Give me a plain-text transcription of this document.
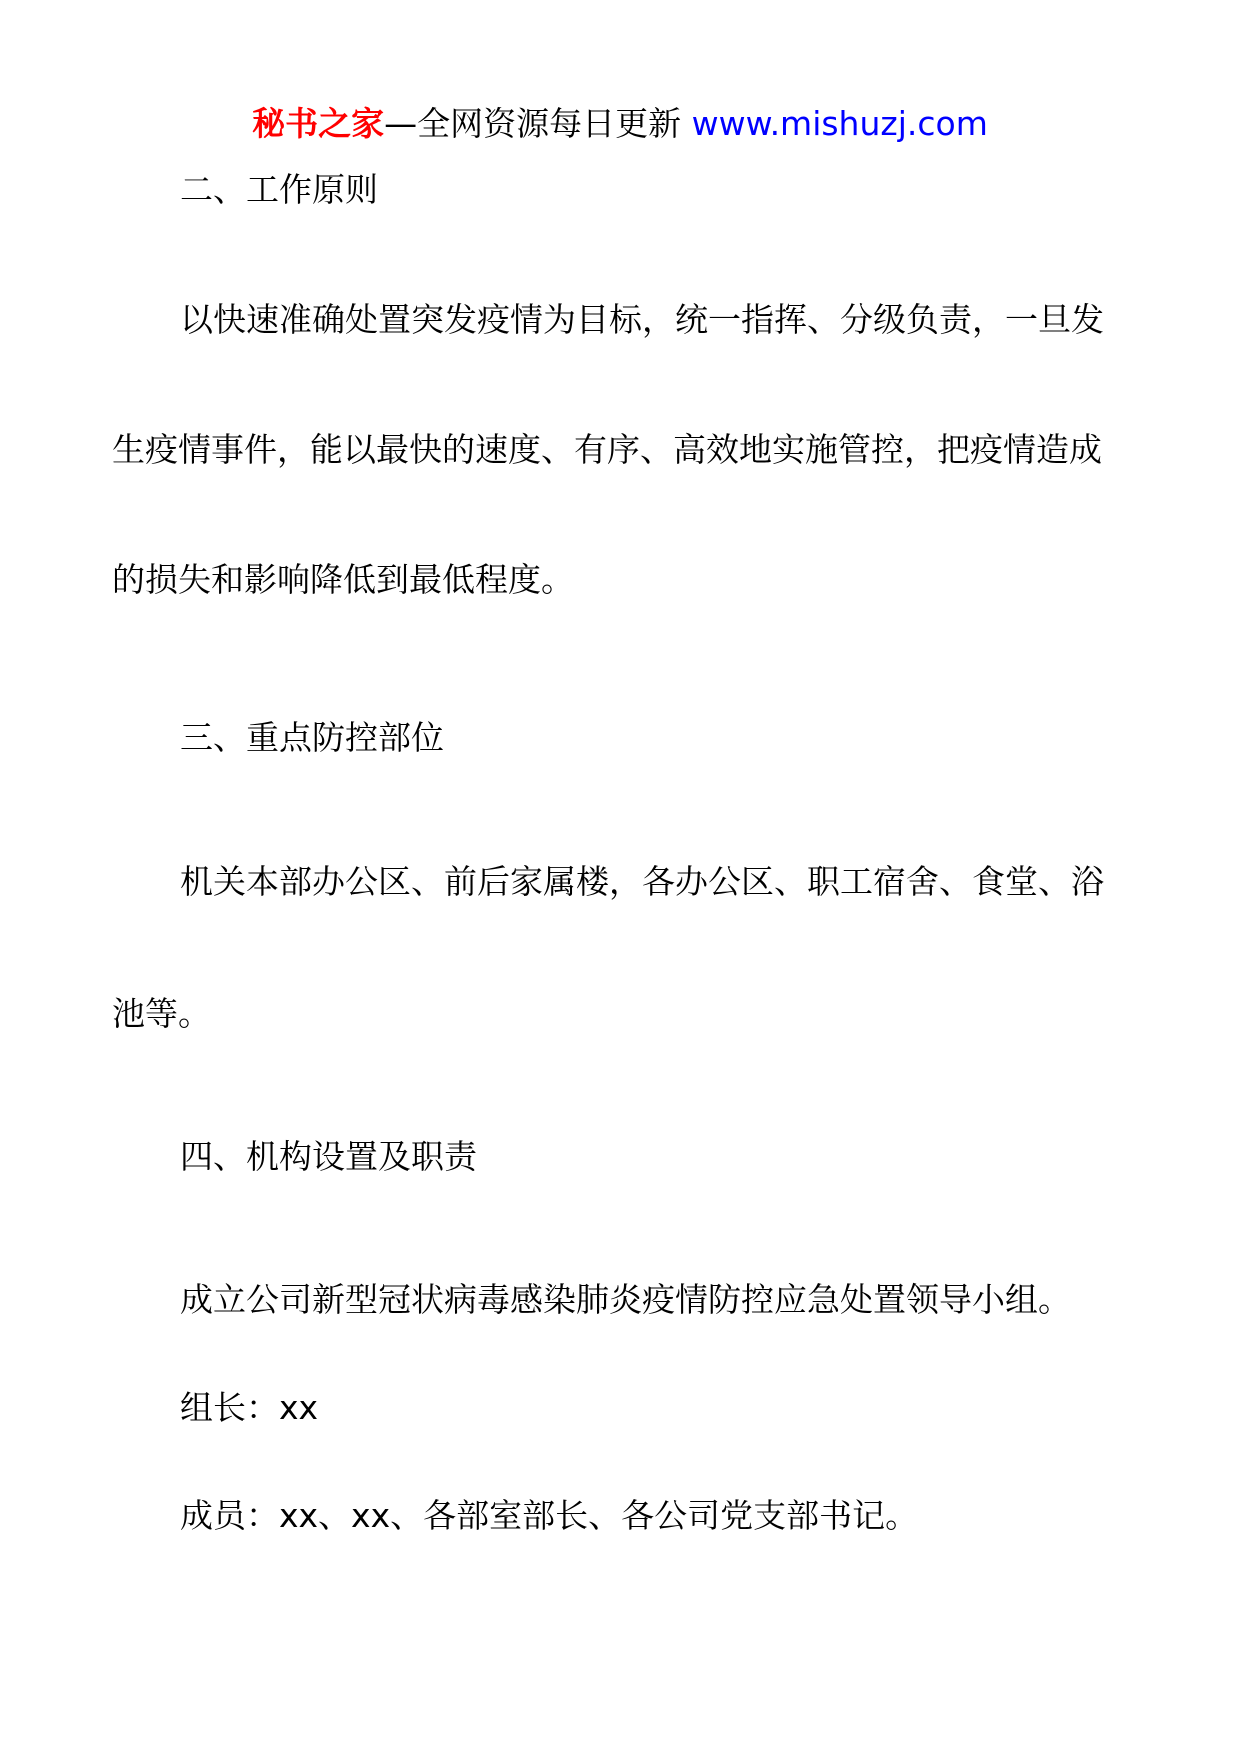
秘书之家—全网资源每日更新 www.mishuzj.com
二、工作原则
以快速准确处置突发疫情为目标，统一指挥、分级负责，一旦发
生疫情事件，能以最快的速度、有序、高效地实施管控，把疫情造成
的损失和影响降低到最低程度。
三、重点防控部位
机关本部办公区、前后家属楼，各办公区、职工宿舍、食堂、浴
池等。
四、机构设置及职责
成立公司新型冠状病毒感染肺炎疫情防控应急处置领导小组。
组长：xx
成员：xx、xx、各部室部长、各公司党支部书记。
